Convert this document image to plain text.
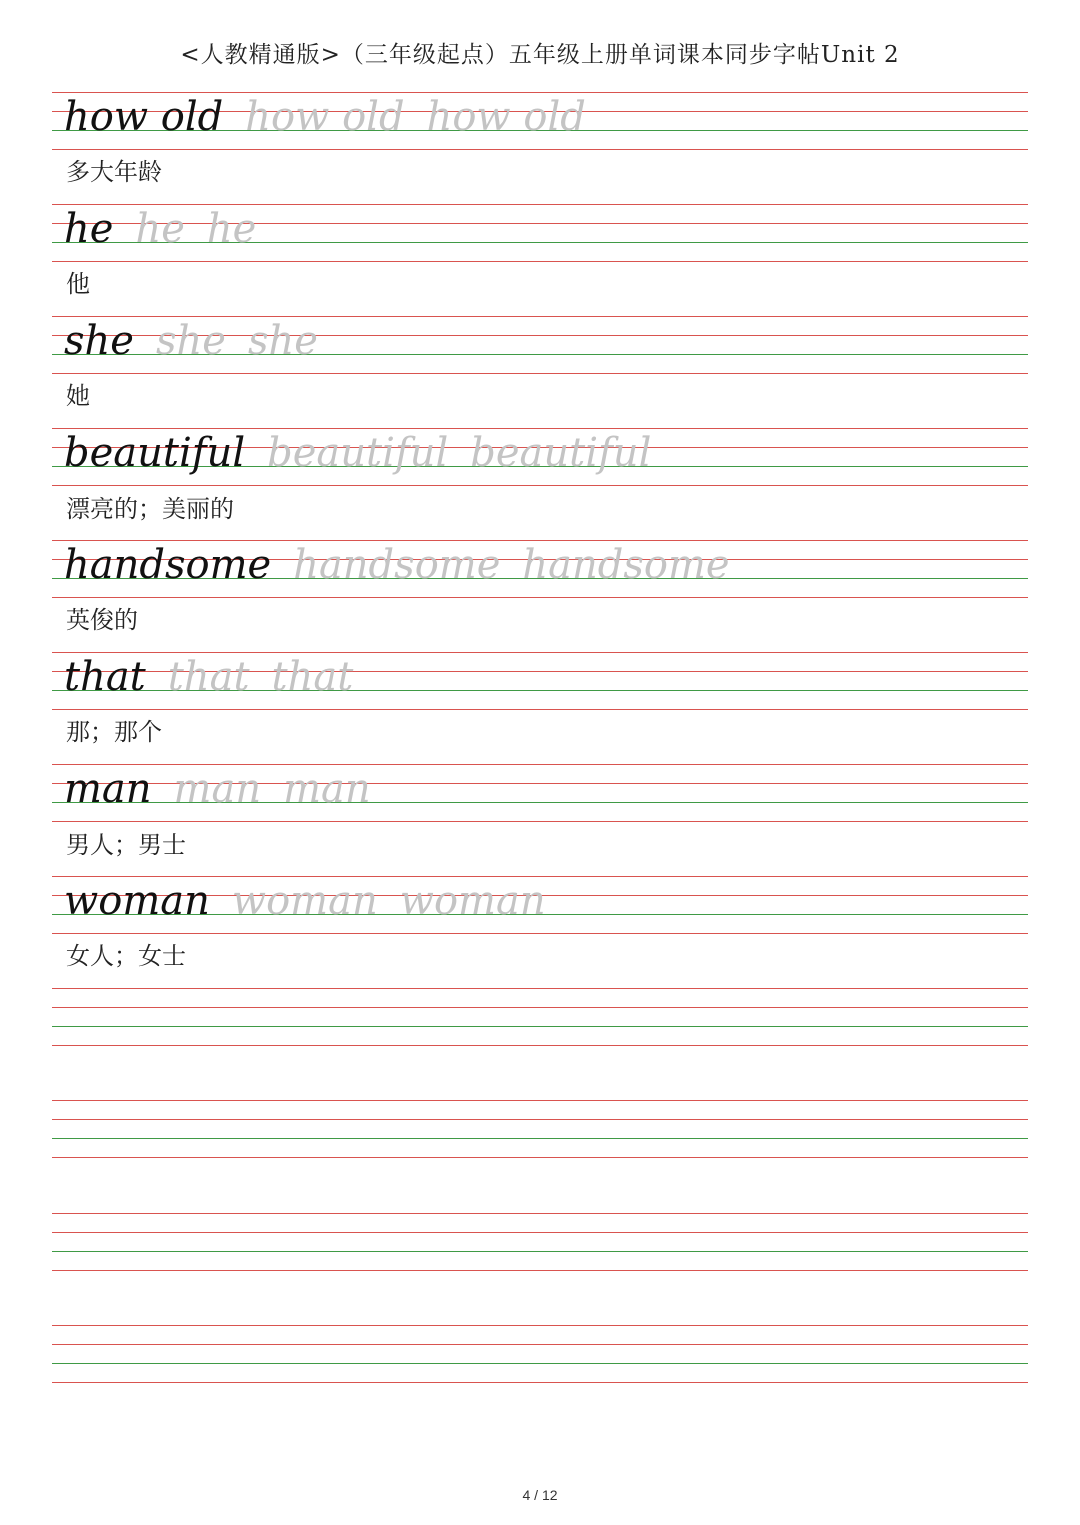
<人教精通版>（三年级起点）五年级上册单词课本同步字帖Unit 2
how old how old how old
多大年龄
he he he
他
she she she
她
beautiful beautiful beautiful
漂亮的；美丽的
handsome handsome handsome
英俊的
that that that
那；那个
man man man
男人；男士
woman woman woman
女人；女士
4 / 12
